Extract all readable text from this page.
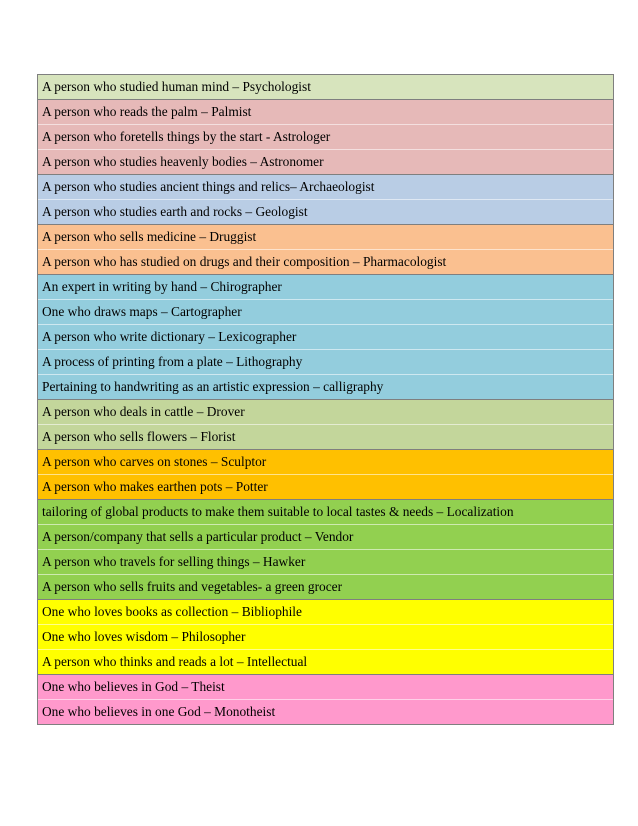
A person who studied human mind – Psychologist
A person who reads the palm – Palmist
A person who foretells things by the start - Astrologer
A person who studies heavenly bodies – Astronomer
A person who studies ancient things and relics– Archaeologist
A person who studies earth and rocks – Geologist
A person who sells medicine – Druggist
A person who has studied on drugs and their composition – Pharmacologist
An expert in writing by hand – Chirographer
One who draws maps – Cartographer
A person who write dictionary – Lexicographer
A process of printing from a plate – Lithography
Pertaining to handwriting as an artistic expression – calligraphy
A person who deals in cattle – Drover
A person who sells flowers – Florist
A person who carves on stones – Sculptor
A person who makes earthen pots – Potter
tailoring of global products to make them suitable to local tastes & needs – Localization
A person/company that sells a particular product – Vendor
A person who travels for selling things – Hawker
A person who sells fruits and vegetables- a green grocer
One who loves books as collection – Bibliophile
One who loves wisdom – Philosopher
A person who thinks and reads a lot – Intellectual
One who believes in God – Theist
One who believes in one God – Monotheist
